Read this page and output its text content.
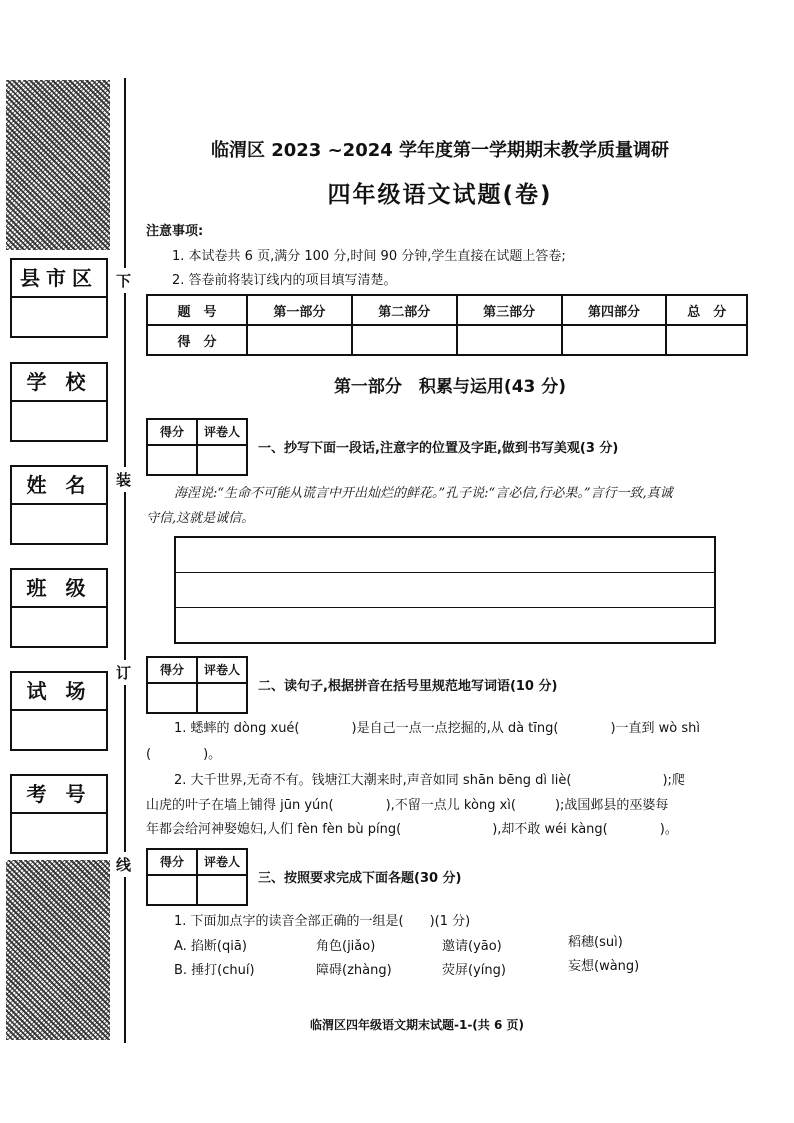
县市区
学 校
姓 名
班 级
试 场
考 号
下
装
订
线
临渭区 2023 ~2024 学年度第一学期期末教学质量调研
四年级语文试题(卷)
注意事项:
1. 本试卷共 6 页,满分 100 分,时间 90 分钟,学生直接在试题上答卷;
2. 答卷前将装订线内的项目填写清楚。
题　号	第一部分	第二部分	第三部分	第四部分	总　分
得　分					
第一部分　积累与运用(43 分)
得分	评卷人
一、抄写下面一段话,注意字的位置及字距,做到书写美观(3 分)
海涅说:“生命不可能从谎言中开出灿烂的鲜花。”孔子说:“言必信,行必果。”言行一致,真诚
守信,这就是诚信。
得分	评卷人
二、读句子,根据拼音在括号里规范地写词语(10 分)
1. 蟋蟀的 dòng xué(　　　　)是自己一点一点挖掘的,从 dà tīng(　　　　)一直到 wò shì
(　　　　)。
2. 大千世界,无奇不有。钱塘江大潮来时,声音如同 shān bēng dì liè(　　　　　　　);爬
山虎的叶子在墙上铺得 jūn yún(　　　　),不留一点儿 kòng xì(　　　);战国邺县的巫婆每
年都会给河神娶媳妇,人们 fèn fèn bù píng(　　　　　　　),却不敢 wéi kàng(　　　　)。
得分	评卷人
三、按照要求完成下面各题(30 分)
1. 下面加点字的读音全部正确的一组是(　　)(1 分)
A. 掐断(qiā)	角色(jiǎo)	邀请(yāo)	稻穗(suì)
B. 捶打(chuí)	障碍(zhàng)	荧屏(yíng)	妄想(wàng)
临渭区四年级语文期末试题-1-(共 6 页)
